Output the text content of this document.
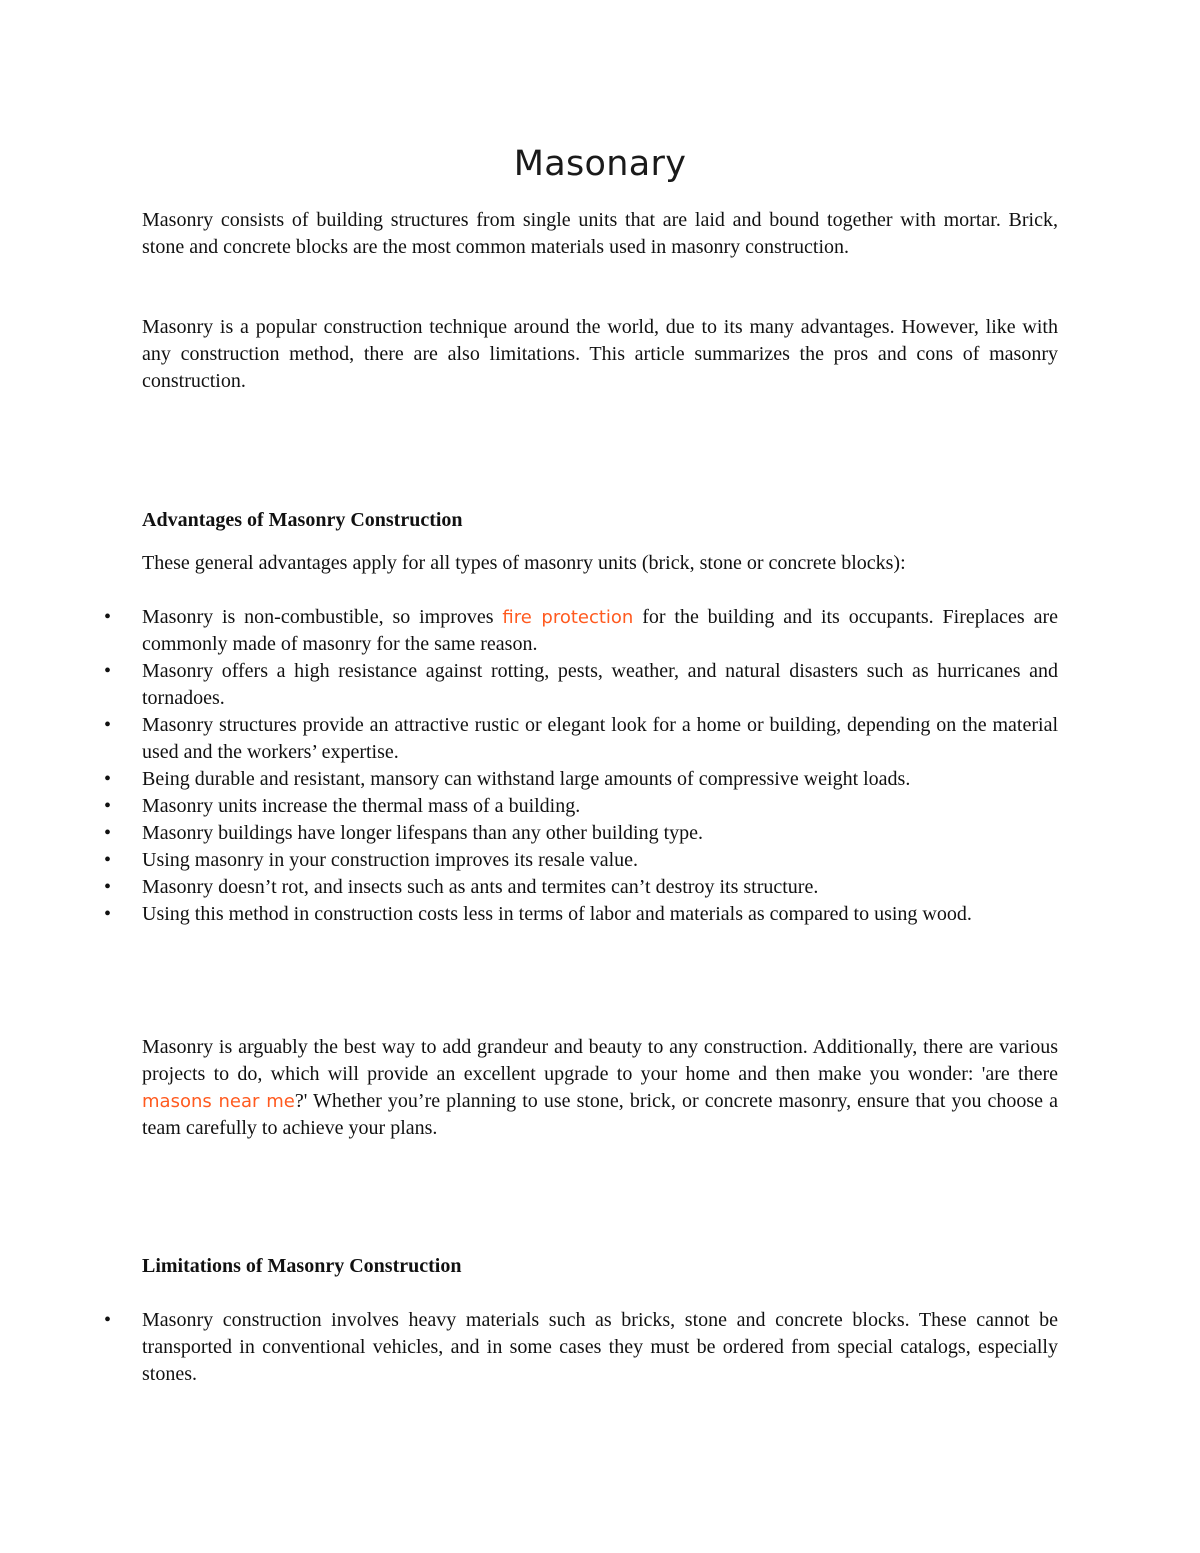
Masonary

Masonry consists of building structures from single units that are laid and bound together with mortar. Brick, stone and concrete blocks are the most common materials used in masonry construction.

Masonry is a popular construction technique around the world, due to its many advantages. However, like with any construction method, there are also limitations. This article summarizes the pros and cons of masonry construction.

Advantages of Masonry Construction

These general advantages apply for all types of masonry units (brick, stone or concrete blocks):

• Masonry is non-combustible, so improves fire protection for the building and its occupants. Fireplaces are commonly made of masonry for the same reason.
• Masonry offers a high resistance against rotting, pests, weather, and natural disasters such as hurricanes and tornadoes.
• Masonry structures provide an attractive rustic or elegant look for a home or building, depending on the material used and the workers’ expertise.
• Being durable and resistant, mansory can withstand large amounts of compressive weight loads.
• Masonry units increase the thermal mass of a building.
• Masonry buildings have longer lifespans than any other building type.
• Using masonry in your construction improves its resale value.
• Masonry doesn’t rot, and insects such as ants and termites can’t destroy its structure.
• Using this method in construction costs less in terms of labor and materials as compared to using wood.

Masonry is arguably the best way to add grandeur and beauty to any construction. Additionally, there are various projects to do, which will provide an excellent upgrade to your home and then make you wonder: 'are there masons near me?' Whether you’re planning to use stone, brick, or concrete masonry, ensure that you choose a team carefully to achieve your plans.

Limitations of Masonry Construction
• Masonry construction involves heavy materials such as bricks, stone and concrete blocks. These cannot be transported in conventional vehicles, and in some cases they must be ordered from special catalogs, especially stones.
